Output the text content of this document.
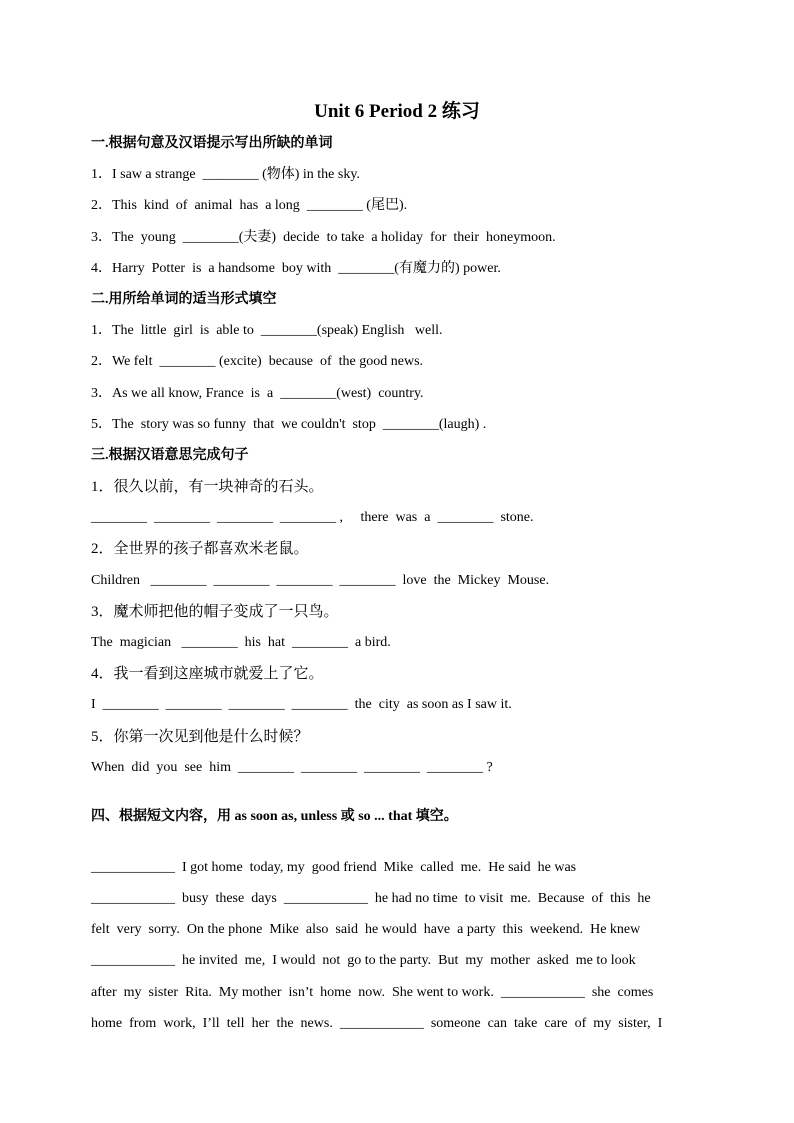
Unit 6 Period 2 练习
一.根据句意及汉语提示写出所缺的单词
1．I saw a strange  ________ (物体) in the sky.
2．This  kind  of  animal  has  a long  ________ (尾巴).
3．The  young  ________(夫妻)  decide  to take  a holiday  for  their  honeymoon.
4．Harry  Potter  is  a handsome  boy with  ________(有魔力的) power.
二.用所给单词的适当形式填空
1．The  little  girl  is  able to  ________(speak) English   well.
2．We felt  ________ (excite)  because  of  the good news.
3．As we all know, France  is  a  ________(west)  country.
5．The  story was so funny  that  we couldn't  stop  ________(laugh) .
三.根据汉语意思完成句子
1．很久以前，有一块神奇的石头。
________  ________  ________  ________ ,     there  was  a  ________  stone.
2．全世界的孩子都喜欢米老鼠。
Children   ________  ________  ________  ________  love  the  Mickey  Mouse.
3．魔术师把他的帽子变成了一只鸟。
The  magician   ________  his  hat  ________  a bird.
4．我一看到这座城市就爱上了它。
I  ________  ________  ________  ________  the  city  as soon as I saw it.
5．你第一次见到他是什么时候？
When  did  you  see  him  ________  ________  ________  ________ ?
四、根据短文内容，用 as soon as, unless 或 so ... that 填空。
____________  I got home  today, my  good friend  Mike  called  me.  He said  he was
____________  busy  these  days  ____________  he had no time  to visit  me.  Because  of  this  he
felt  very  sorry.  On the phone  Mike  also  said  he would  have  a party  this  weekend.  He knew
____________  he invited  me,  I would  not  go to the party.  But  my  mother  asked  me to look
after  my  sister  Rita.  My mother  isn’t  home  now.  She went to work.  ____________  she  comes
home  from  work,  I’ll  tell  her  the  news.  ____________  someone  can  take  care  of  my  sister,  I
